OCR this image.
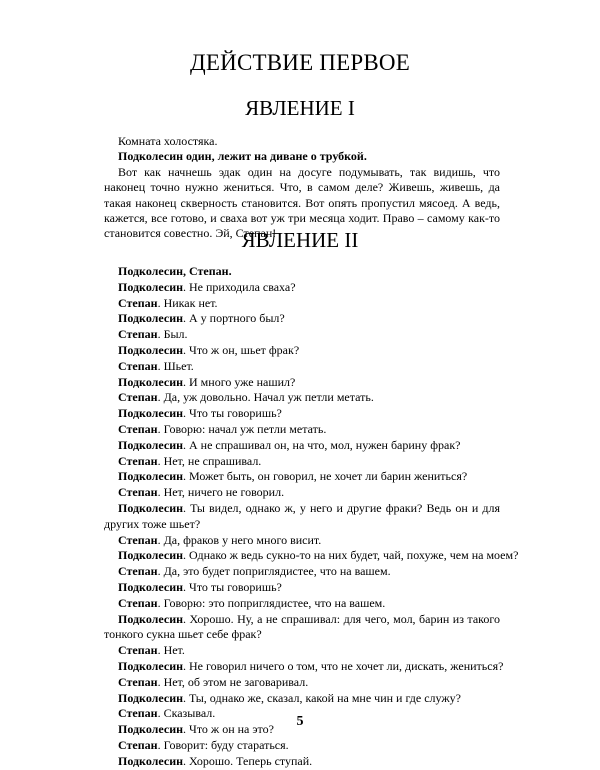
ДЕЙСТВИЕ ПЕРВОЕ
ЯВЛЕНИЕ I

Комната холостяка.

Подколесин один, лежит на диване о трубкой.

Вот как начнешь эдак один на досуге подумывать, так видишь, что наконец точно нужно жениться. Что, в самом деле? Живешь, живешь, да такая наконец скверность становится. Вот опять пропустил мясоед. А ведь, кажется, все готово, и сваха вот уж три месяца ходит. Право – самому как-то становится совестно. Эй, Степан!

ЯВЛЕНИЕ II

Подколесин, Степан.

Подколесин. Не приходила сваха?

Степан. Никак нет.

Подколесин. А у портного был?

Степан. Был.

Подколесин. Что ж он, шьет фрак?

Степан. Шьет.

Подколесин. И много уже нашил?

Степан. Да, уж довольно. Начал уж петли метать.

Подколесин. Что ты говоришь?

Степан. Говорю: начал уж петли метать.

Подколесин. А не спрашивал он, на что, мол, нужен барину фрак?

Степан. Нет, не спрашивал.

Подколесин. Может быть, он говорил, не хочет ли барин жениться?

Степан. Нет, ничего не говорил.

Подколесин. Ты видел, однако ж, у него и другие фраки? Ведь он и для других тоже шьет?

Степан. Да, фраков у него много висит.

Подколесин. Однако ж ведь сукно-то на них будет, чай, похуже, чем на моем?

Степан. Да, это будет поприглядистее, что на вашем.

Подколесин. Что ты говоришь?

Степан. Говорю: это поприглядистее, что на вашем.

Подколесин. Хорошо. Ну, а не спрашивал: для чего, мол, барин из такого тонкого сукна шьет себе фрак?

Степан. Нет.

Подколесин. Не говорил ничего о том, что не хочет ли, дискать, жениться?

Степан. Нет, об этом не заговаривал.

Подколесин. Ты, однако же, сказал, какой на мне чин и где служу?

Степан. Сказывал.

Подколесин. Что ж он на это?

Степан. Говорит: буду стараться.

Подколесин. Хорошо. Теперь ступай.

5
